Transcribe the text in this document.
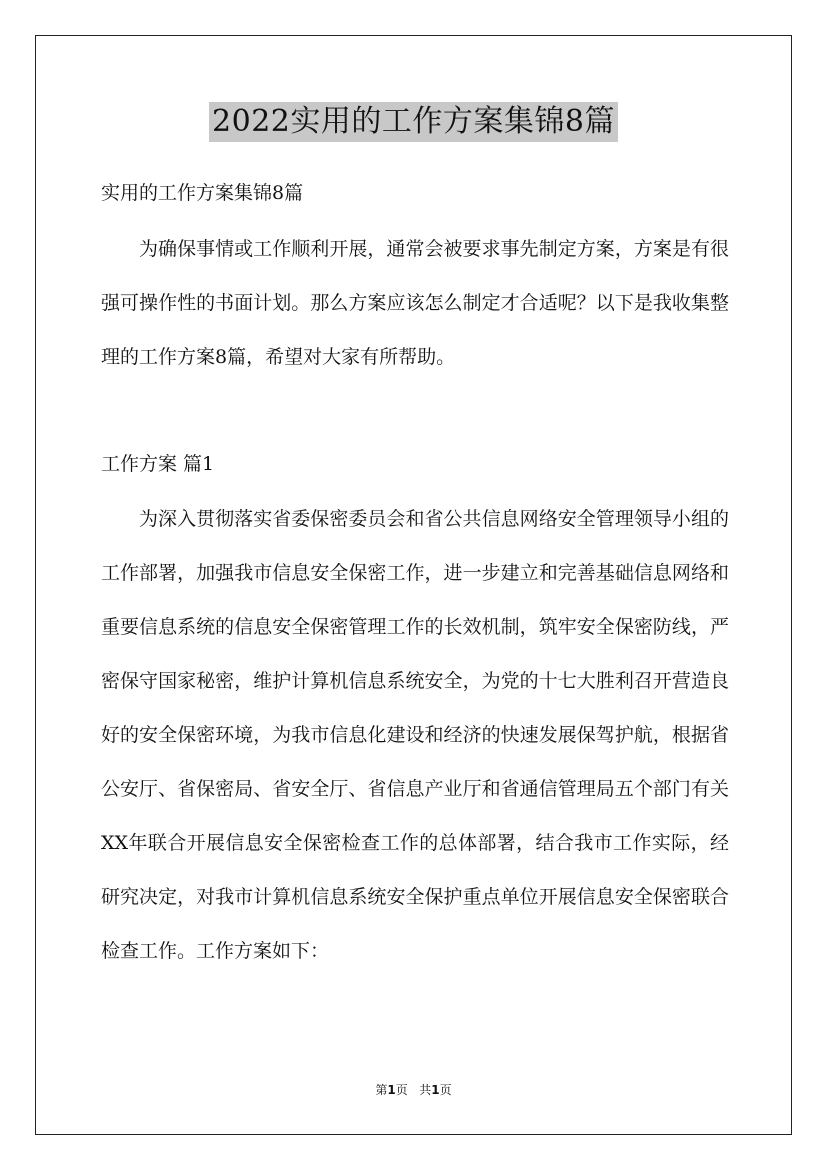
2022实用的工作方案集锦8篇
实用的工作方案集锦8篇
为确保事情或工作顺利开展，通常会被要求事先制定方案，方案是有很强可操作性的书面计划。那么方案应该怎么制定才合适呢？以下是我收集整理的工作方案8篇，希望对大家有所帮助。
工作方案 篇1
为深入贯彻落实省委保密委员会和省公共信息网络安全管理领导小组的工作部署，加强我市信息安全保密工作，进一步建立和完善基础信息网络和重要信息系统的信息安全保密管理工作的长效机制，筑牢安全保密防线，严密保守国家秘密，维护计算机信息系统安全，为党的十七大胜利召开营造良好的安全保密环境，为我市信息化建设和经济的快速发展保驾护航，根据省公安厅、省保密局、省安全厅、省信息产业厅和省通信管理局五个部门有关XX年联合开展信息安全保密检查工作的总体部署，结合我市工作实际，经研究决定，对我市计算机信息系统安全保护重点单位开展信息安全保密联合检查工作。工作方案如下：
第1页 共1页
